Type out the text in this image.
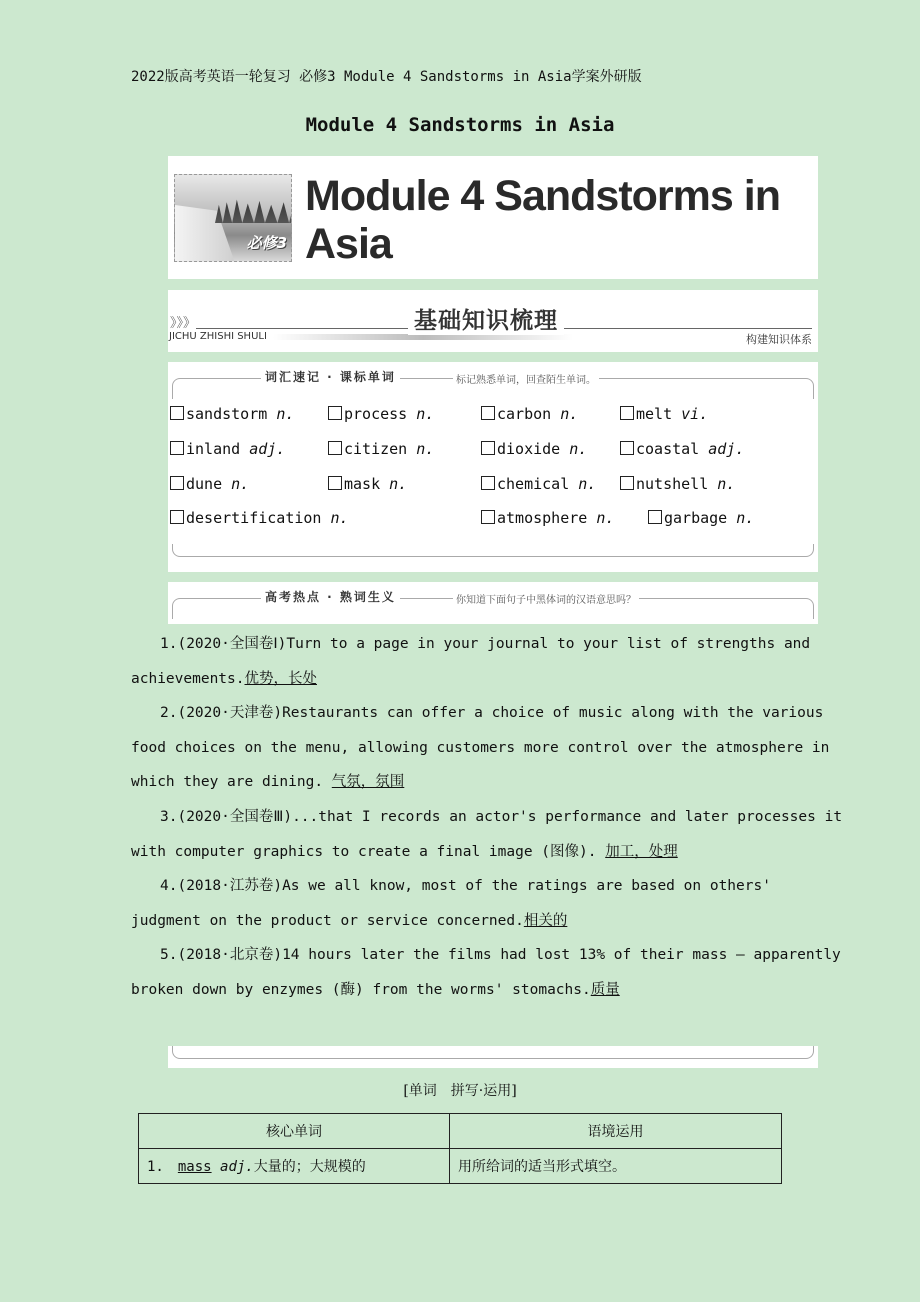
2022版高考英语一轮复习 必修3 Module 4 Sandstorms in Asia学案外研版
Module 4 Sandstorms in Asia
必修3
Module 4 Sandstorms in Asia
》》》	基础知识梳理
JICHU ZHISHI SHULI	构建知识体系
词汇速记 · 课标单词	标记熟悉单词，回查陌生单词。
sandstorm n.	process n.	carbon n.	melt vi.
inland adj.	citizen n.	dioxide n.	coastal adj.
dune n.	mask n.	chemical n.	nutshell n.
desertification n.	atmosphere n.	garbage n.
高考热点 · 熟词生义	你知道下面句子中黑体词的汉语意思吗？

　　1.(2020·全国卷Ⅰ)Turn to a page in your journal to your list of strengths and achievements.优势，长处

　　2.(2020·天津卷)Restaurants can offer a choice of music along with the various food choices on the menu, allowing customers more control over the atmosphere in which they are dining. 气氛，氛围

　　3.(2020·全国卷Ⅲ)...that I records an actor's performance and later processes it with computer graphics to create a final image (图像). 加工，处理

　　4.(2018·江苏卷)As we all know, most of the ratings are based on others' judgment on the product or service concerned.相关的

　　5.(2018·北京卷)14 hours later the films had lost 13% of their mass — apparently broken down by enzymes (酶) from the worms' stomachs.质量

[单词　拼写·运用]
核心单词	语境运用
1.　 mass adj.大量的；大规模的	用所给词的适当形式填空。
